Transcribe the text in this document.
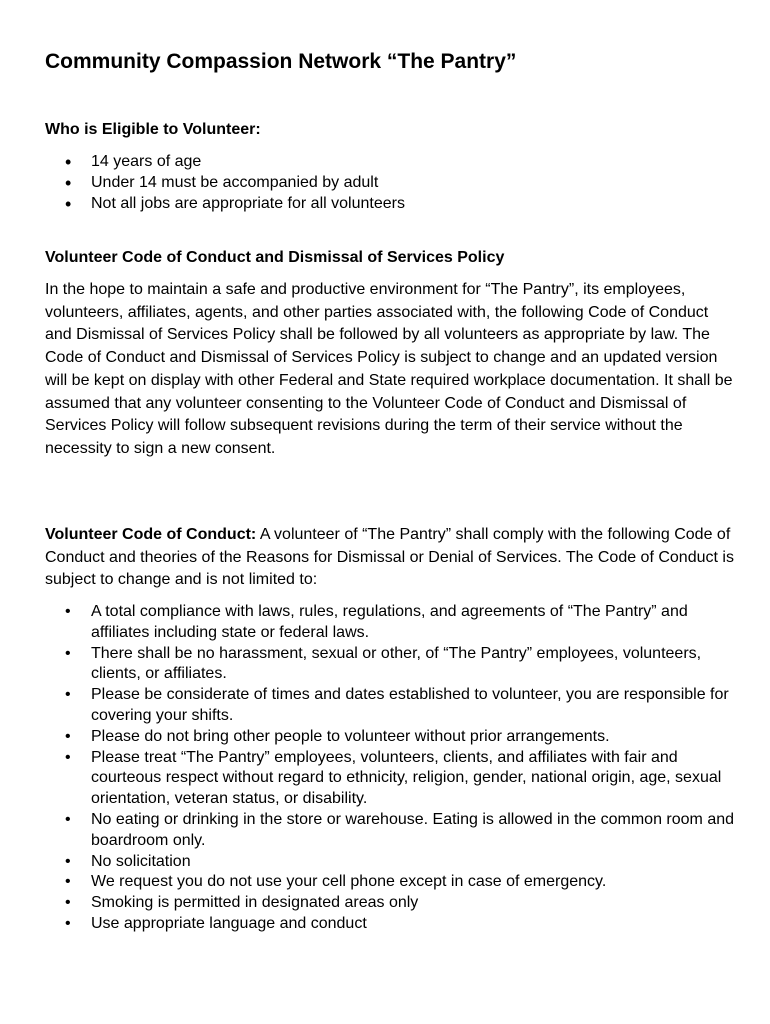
Community Compassion Network “The Pantry”
Who is Eligible to Volunteer:
• 14 years of age
• Under 14 must be accompanied by adult
• Not all jobs are appropriate for all volunteers
Volunteer Code of Conduct and Dismissal of Services Policy

In the hope to maintain a safe and productive environment for “The Pantry”, its employees, volunteers, affiliates, agents, and other parties associated with, the following Code of Conduct and Dismissal of Services Policy shall be followed by all volunteers as appropriate by law. The Code of Conduct and Dismissal of Services Policy is subject to change and an updated version will be kept on display with other Federal and State required workplace documentation. It shall be assumed that any volunteer consenting to the Volunteer Code of Conduct and Dismissal of Services Policy will follow subsequent revisions during the term of their service without the necessity to sign a new consent.

Volunteer Code of Conduct: A volunteer of “The Pantry” shall comply with the following Code of Conduct and theories of the Reasons for Dismissal or Denial of Services. The Code of Conduct is subject to change and is not limited to:

• A total compliance with laws, rules, regulations, and agreements of “The Pantry” and affiliates including state or federal laws.
• There shall be no harassment, sexual or other, of “The Pantry” employees, volunteers, clients, or affiliates.
• Please be considerate of times and dates established to volunteer, you are responsible for covering your shifts.
• Please do not bring other people to volunteer without prior arrangements.
• Please treat “The Pantry” employees, volunteers, clients, and affiliates with fair and courteous respect without regard to ethnicity, religion, gender, national origin, age, sexual orientation, veteran status, or disability.
• No eating or drinking in the store or warehouse. Eating is allowed in the common room and boardroom only.
• No solicitation
• We request you do not use your cell phone except in case of emergency.
• Smoking is permitted in designated areas only
• Use appropriate language and conduct
